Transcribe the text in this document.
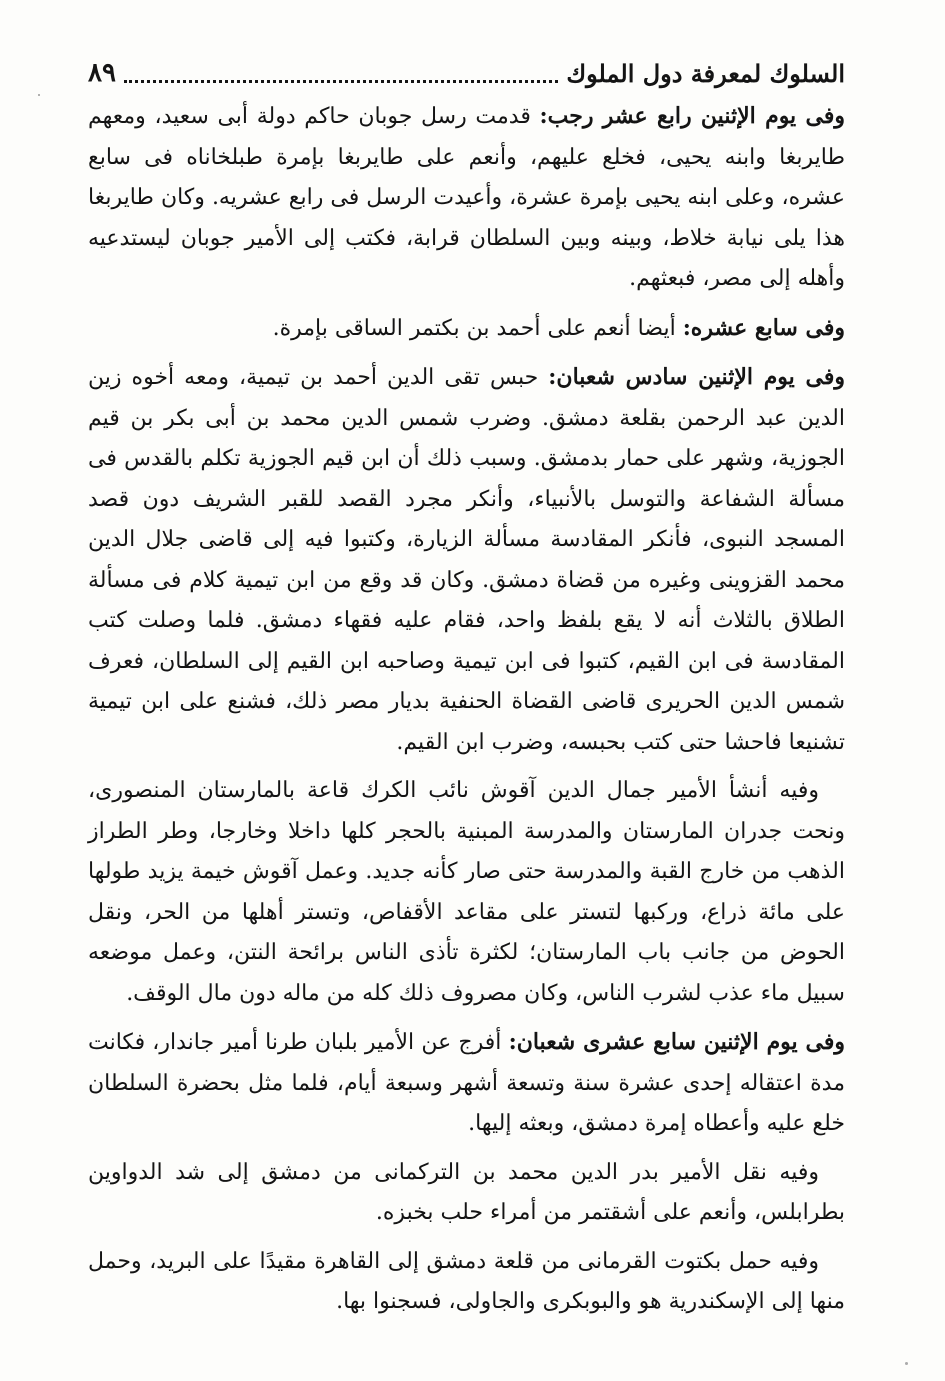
السلوك لمعرفة دول الملوك
٨٩

وفى يوم الإثنين رابع عشر رجب: قدمت رسل جوبان حاكم دولة أبى سعيد، ومعهم طايربغا وابنه يحيى، فخلع عليهم، وأنعم على طايربغا بإمرة طبلخاناه فى سابع عشره، وعلى ابنه يحيى بإمرة عشرة، وأعيدت الرسل فى رابع عشريه. وكان طايربغا هذا يلى نيابة خلاط، وبينه وبين السلطان قرابة، فكتب إلى الأمير جوبان ليستدعيه وأهله إلى مصر، فبعثهم.

وفى سابع عشره: أيضا أنعم على أحمد بن بكتمر الساقى بإمرة.

وفى يوم الإثنين سادس شعبان: حبس تقى الدين أحمد بن تيمية، ومعه أخوه زين الدين عبد الرحمن بقلعة دمشق. وضرب شمس الدين محمد بن أبى بكر بن قيم الجوزية، وشهر على حمار بدمشق. وسبب ذلك أن ابن قيم الجوزية تكلم بالقدس فى مسألة الشفاعة والتوسل بالأنبياء، وأنكر مجرد القصد للقبر الشريف دون قصد المسجد النبوى، فأنكر المقادسة مسألة الزيارة، وكتبوا فيه إلى قاضى جلال الدين محمد القزوينى وغيره من قضاة دمشق. وكان قد وقع من ابن تيمية كلام فى مسألة الطلاق بالثلاث أنه لا يقع بلفظ واحد، فقام عليه فقهاء دمشق. فلما وصلت كتب المقادسة فى ابن القيم، كتبوا فى ابن تيمية وصاحبه ابن القيم إلى السلطان، فعرف شمس الدين الحريرى قاضى القضاة الحنفية بديار مصر ذلك، فشنع على ابن تيمية تشنيعا فاحشا حتى كتب بحبسه، وضرب ابن القيم.

وفيه أنشأ الأمير جمال الدين آقوش نائب الكرك قاعة بالمارستان المنصورى، ونحت جدران المارستان والمدرسة المبنية بالحجر كلها داخلا وخارجا، وطر الطراز الذهب من خارج القبة والمدرسة حتى صار كأنه جديد. وعمل آقوش خيمة يزيد طولها على مائة ذراع، وركبها لتستر على مقاعد الأقفاص، وتستر أهلها من الحر، ونقل الحوض من جانب باب المارستان؛ لكثرة تأذى الناس برائحة النتن، وعمل موضعه سبيل ماء عذب لشرب الناس، وكان مصروف ذلك كله من ماله دون مال الوقف.

وفى يوم الإثنين سابع عشرى شعبان: أفرج عن الأمير بلبان طرنا أمير جاندار، فكانت مدة اعتقاله إحدى عشرة سنة وتسعة أشهر وسبعة أيام، فلما مثل بحضرة السلطان خلع عليه وأعطاه إمرة دمشق، وبعثه إليها.

وفيه نقل الأمير بدر الدين محمد بن التركمانى من دمشق إلى شد الدواوين بطرابلس، وأنعم على أشقتمر من أمراء حلب بخبزه.

وفيه حمل بكتوت القرمانى من قلعة دمشق إلى القاهرة مقيدًا على البريد، وحمل منها إلى الإسكندرية هو والبوبكرى والجاولى، فسجنوا بها.
